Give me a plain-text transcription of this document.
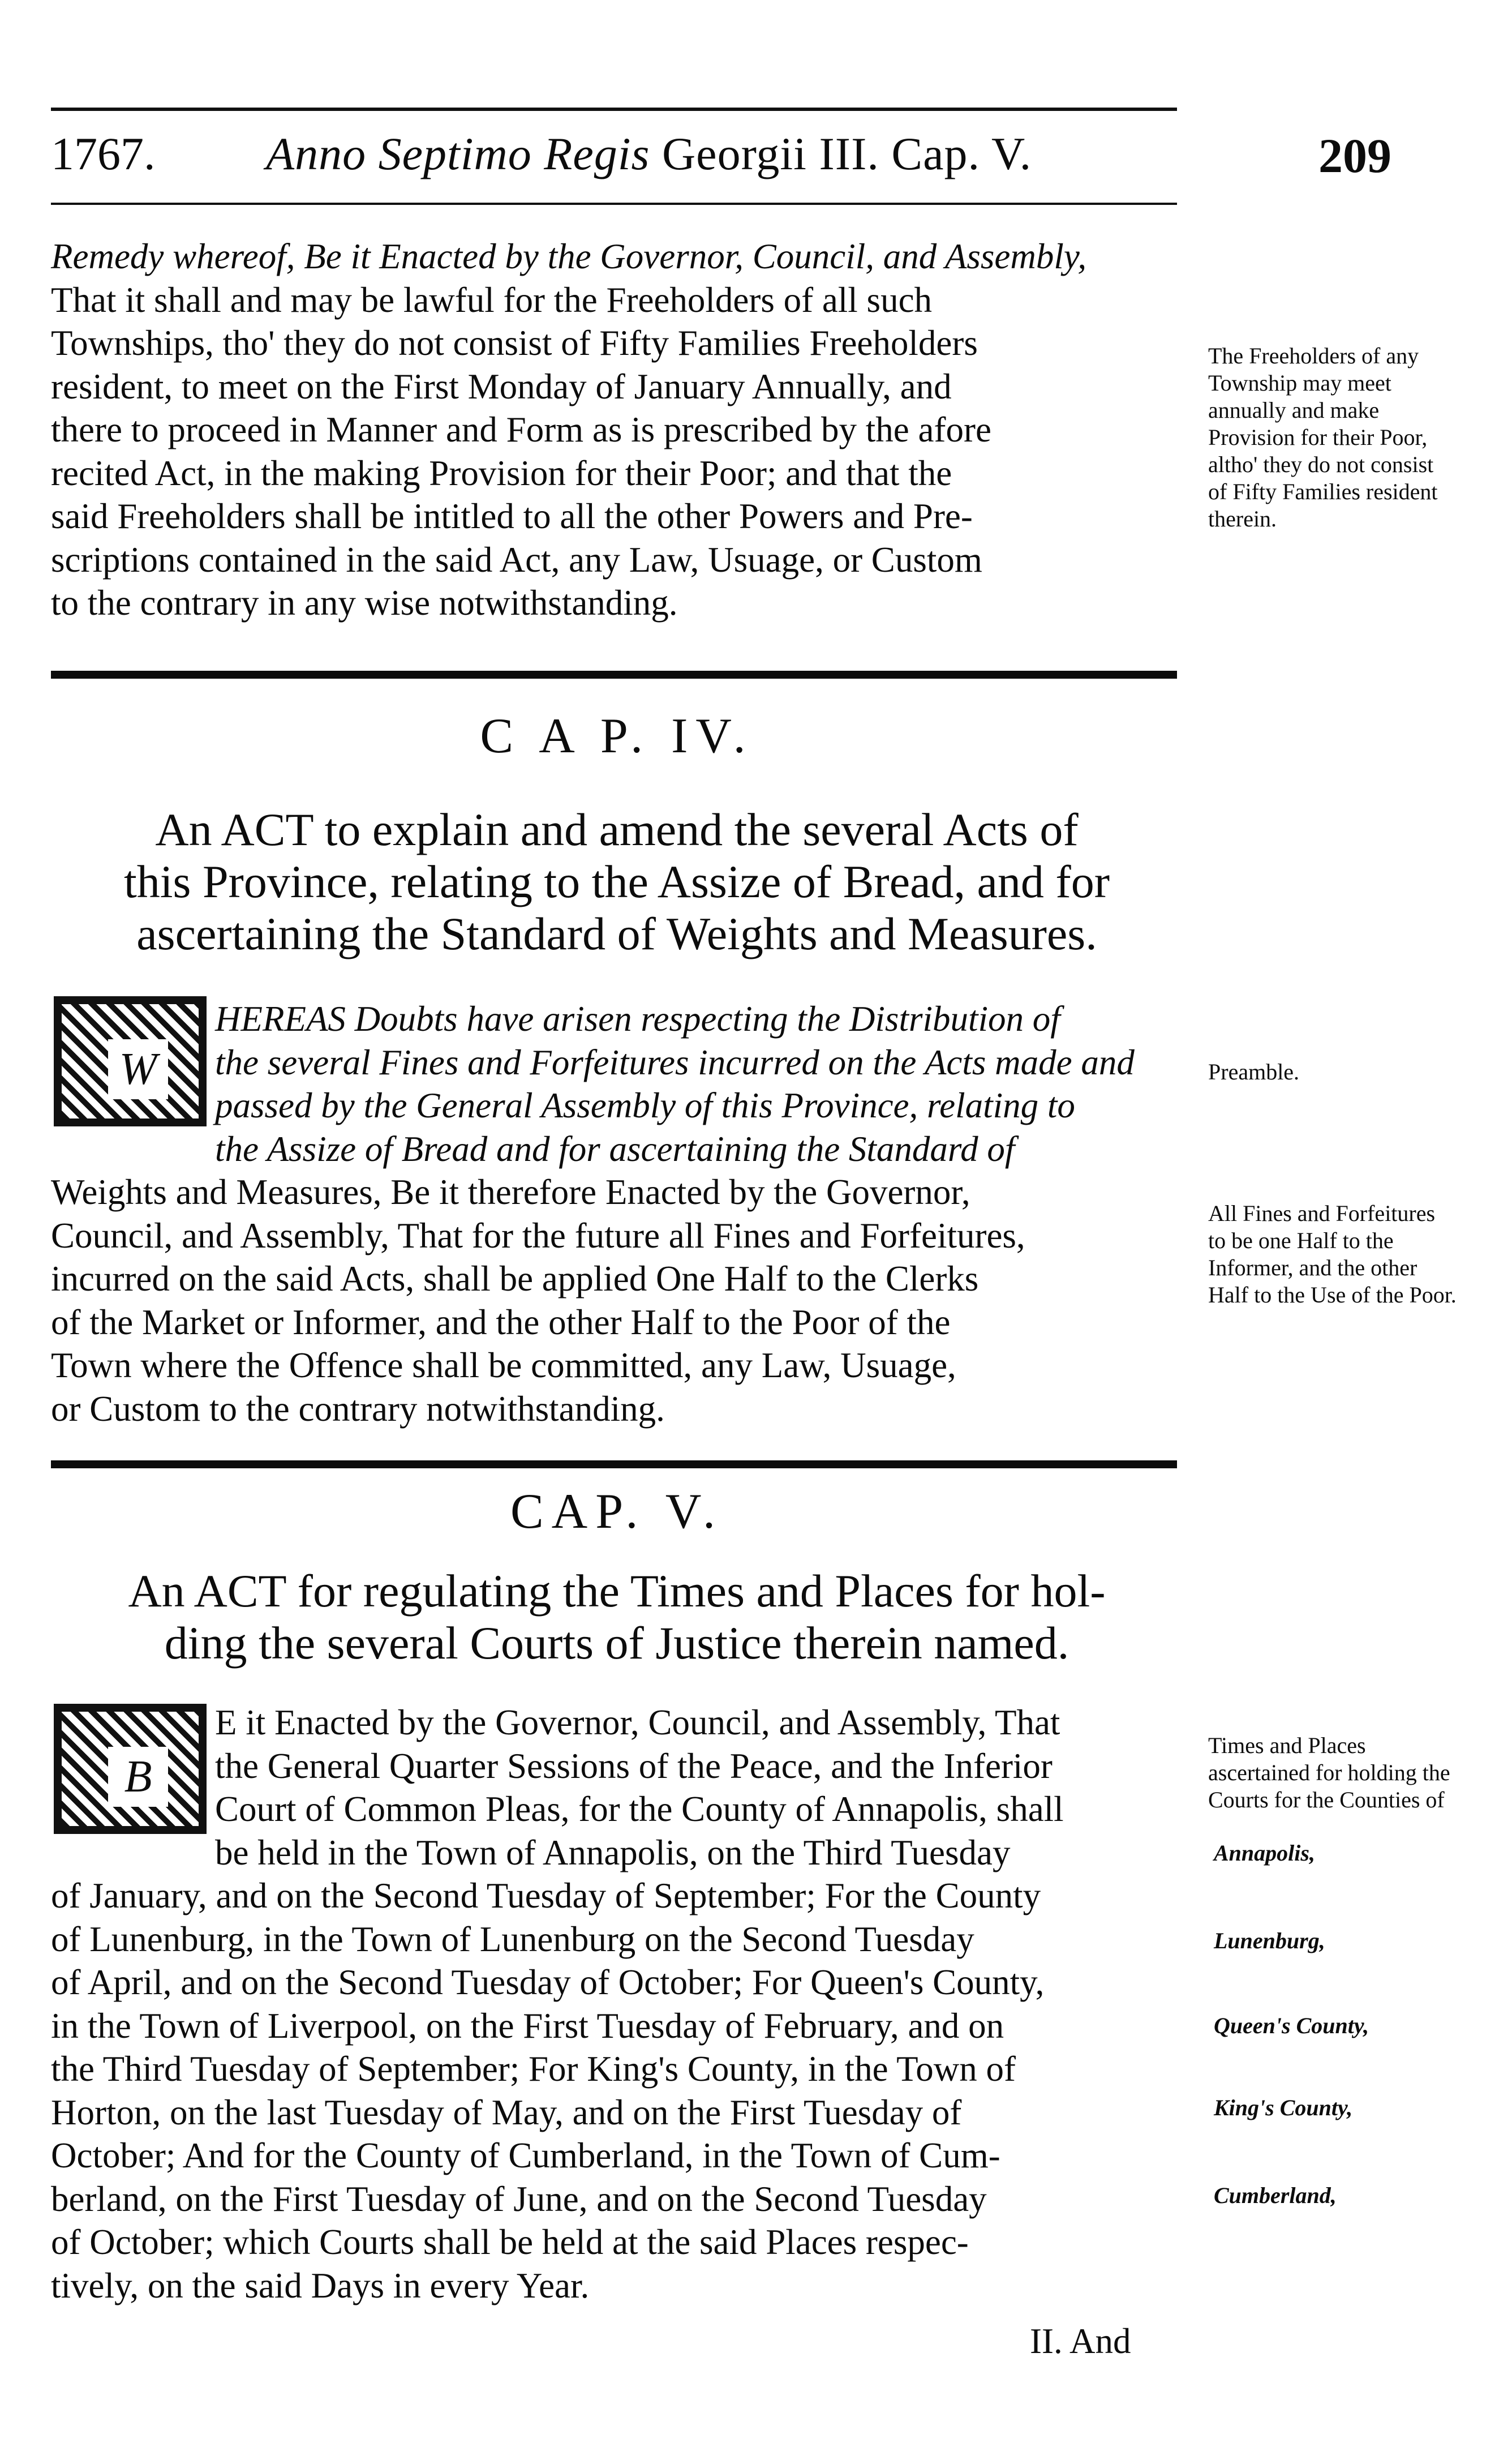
1767. Anno Septimo Regis Georgii III. Cap. V.	209
Remedy whereof, Be it Enacted by the Governor, Council, and Assembly,
That it shall and may be lawful for the Freeholders of all such
Townships, tho' they do not consist of Fifty Families Freeholders
resident, to meet on the First Monday of January Annually, and
there to proceed in Manner and Form as is prescribed by the afore
recited Act, in the making Provision for their Poor; and that the
said Freeholders shall be intitled to all the other Powers and Pre-
scriptions contained in the said Act, any Law, Usuage, or Custom
to the contrary in any wise notwithstanding.
The Freeholders of any Township may meet annually and make Provision for their Poor, altho' they do not consist of Fifty Families resident therein.
C A P. IV.
An ACT to explain and amend the several Acts of
this Province, relating to the Assize of Bread, and for
ascertaining the Standard of Weights and Measures.
W
HEREAS Doubts have arisen respecting the Distribution of
the several Fines and Forfeitures incurred on the Acts made and
passed by the General Assembly of this Province, relating to
the Assize of Bread and for ascertaining the Standard of
Weights and Measures, Be it therefore Enacted by the Governor,
Council, and Assembly, That for the future all Fines and Forfeitures,
incurred on the said Acts, shall be applied One Half to the Clerks
of the Market or Informer, and the other Half to the Poor of the
Town where the Offence shall be committed, any Law, Usuage,
or Custom to the contrary notwithstanding.
Preamble.
All Fines and Forfeitures to be one Half to the Informer, and the other Half to the Use of the Poor.
CAP. V.
An ACT for regulating the Times and Places for hol-
ding the several Courts of Justice therein named.
B
E it Enacted by the Governor, Council, and Assembly, That
the General Quarter Sessions of the Peace, and the Inferior
Court of Common Pleas, for the County of Annapolis, shall
be held in the Town of Annapolis, on the Third Tuesday
of January, and on the Second Tuesday of September; For the County
of Lunenburg, in the Town of Lunenburg on the Second Tuesday
of April, and on the Second Tuesday of October; For Queen's County,
in the Town of Liverpool, on the First Tuesday of February, and on
the Third Tuesday of September; For King's County, in the Town of
Horton, on the last Tuesday of May, and on the First Tuesday of
October; And for the County of Cumberland, in the Town of Cum-
berland, on the First Tuesday of June, and on the Second Tuesday
of October; which Courts shall be held at the said Places respec-
tively, on the said Days in every Year.
Times and Places ascertained for holding the Courts for the Counties of
Annapolis,
Lunenburg,
Queen's County,
King's County,
Cumberland,
II. And
